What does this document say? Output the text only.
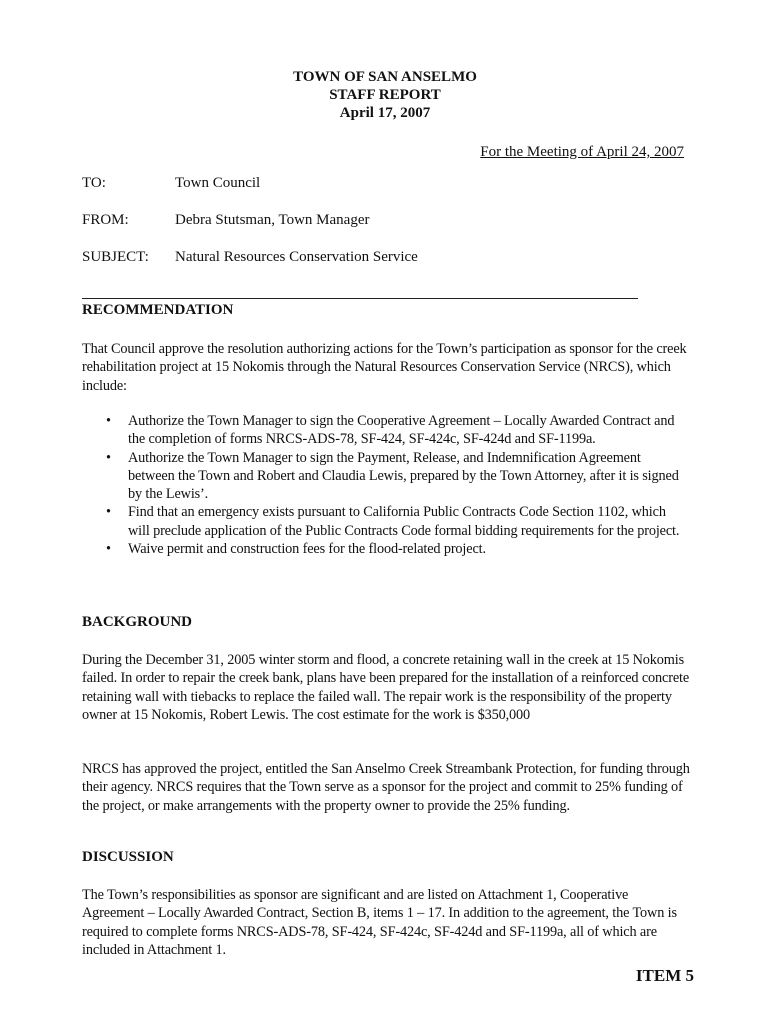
TOWN OF SAN ANSELMO
STAFF REPORT
April 17, 2007
For the Meeting of April 24, 2007
TO:	Town Council
FROM:	Debra Stutsman, Town Manager
SUBJECT: Natural Resources Conservation Service
RECOMMENDATION

That Council approve the resolution authorizing actions for the Town’s participation as sponsor for the creek rehabilitation project at 15 Nokomis through the Natural Resources Conservation Service (NRCS), which include:

• Authorize the Town Manager to sign the Cooperative Agreement – Locally Awarded Contract and the completion of forms NRCS-ADS-78, SF-424, SF-424c, SF-424d and SF-1199a.
• Authorize the Town Manager to sign the Payment, Release, and Indemnification Agreement between the Town and Robert and Claudia Lewis, prepared by the Town Attorney, after it is signed by the Lewis’.
• Find that an emergency exists pursuant to California Public Contracts Code Section 1102, which will preclude application of the Public Contracts Code formal bidding requirements for the project.
• Waive permit and construction fees for the flood-related project.
BACKGROUND

During the December 31, 2005 winter storm and flood, a concrete retaining wall in the creek at 15 Nokomis failed. In order to repair the creek bank, plans have been prepared for the installation of a reinforced concrete retaining wall with tiebacks to replace the failed wall. The repair work is the responsibility of the property owner at 15 Nokomis, Robert Lewis. The cost estimate for the work is $350,000

NRCS has approved the project, entitled the San Anselmo Creek Streambank Protection, for funding through their agency. NRCS requires that the Town serve as a sponsor for the project and commit to 25% funding of the project, or make arrangements with the property owner to provide the 25% funding.

DISCUSSION

The Town’s responsibilities as sponsor are significant and are listed on Attachment 1, Cooperative Agreement – Locally Awarded Contract, Section B, items 1 – 17. In addition to the agreement, the Town is required to complete forms NRCS-ADS-78, SF-424, SF-424c, SF-424d and SF-1199a, all of which are included in Attachment 1.

ITEM 5
